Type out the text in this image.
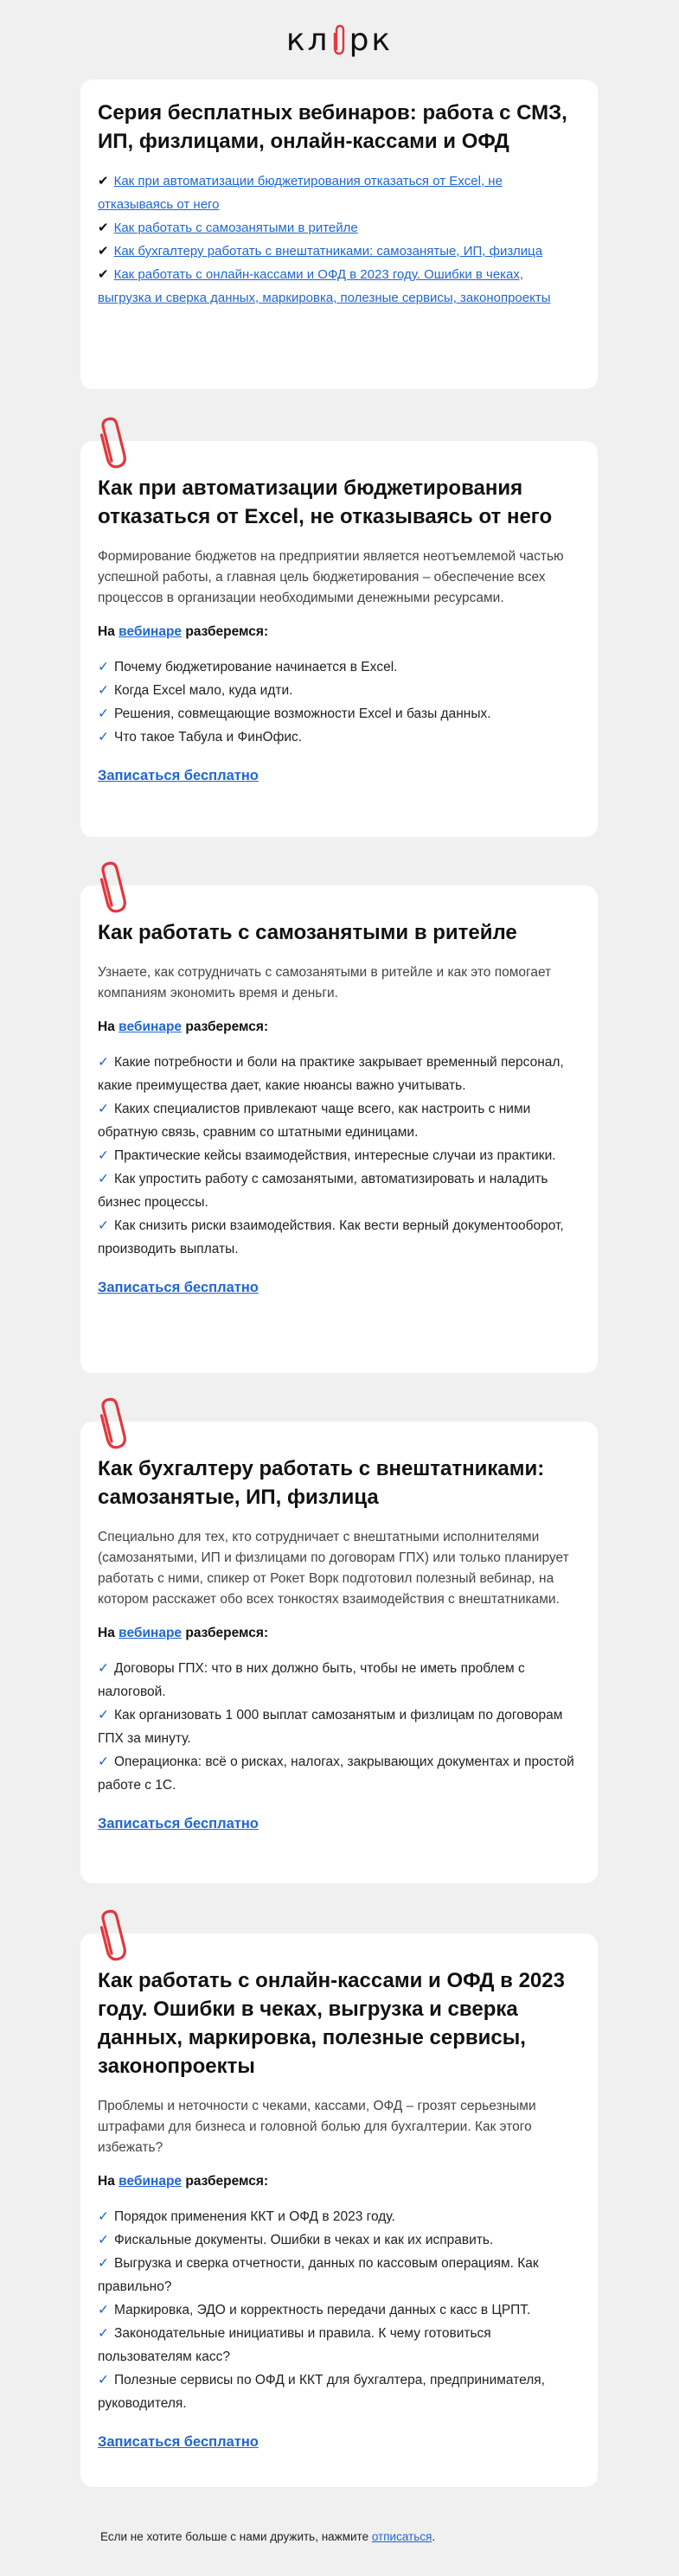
кл рк
Серия бесплатных вебинаров: работа с СМЗ, ИП, физлицами, онлайн-кассами и ОФД
✔ Как при автоматизации бюджетирования отказаться от Excel, не отказываясь от него
✔ Как работать с самозанятыми в ритейле
✔ Как бухгалтеру работать с внештатниками: самозанятые, ИП, физлица
✔ Как работать с онлайн-кассами и ОФД в 2023 году. Ошибки в чеках, выгрузка и сверка данных, маркировка, полезные сервисы, законопроекты
Как при автоматизации бюджетирования отказаться от Excel, не отказываясь от него
Формирование бюджетов на предприятии является неотъемлемой частью успешной работы, а главная цель бюджетирования – обеспечение всех процессов в организации необходимыми денежными ресурсами.
На вебинаре разберемся:
✓ Почему бюджетирование начинается в Excel.
✓ Когда Excel мало, куда идти.
✓ Решения, совмещающие возможности Excel и базы данных.
✓ Что такое Табула и ФинОфис.
Записаться бесплатно
Как работать с самозанятыми в ритейле
Узнаете, как сотрудничать с самозанятыми в ритейле и как это помогает компаниям экономить время и деньги.
На вебинаре разберемся:
✓ Какие потребности и боли на практике закрывает временный персонал, какие преимущества дает, какие нюансы важно учитывать.
✓ Каких специалистов привлекают чаще всего, как настроить с ними обратную связь, сравним со штатными единицами.
✓ Практические кейсы взаимодействия, интересные случаи из практики.
✓ Как упростить работу с самозанятыми, автоматизировать и наладить бизнес процессы.
✓ Как снизить риски взаимодействия. Как вести верный документооборот, производить выплаты.
Записаться бесплатно
Как бухгалтеру работать с внештатниками: самозанятые, ИП, физлица
Специально для тех, кто сотрудничает с внештатными исполнителями (самозанятыми, ИП и физлицами по договорам ГПХ) или только планирует работать с ними, спикер от Рокет Ворк подготовил полезный вебинар, на котором расскажет обо всех тонкостях взаимодействия с внештатниками.
На вебинаре разберемся:
✓ Договоры ГПХ: что в них должно быть, чтобы не иметь проблем с налоговой.
✓ Как организовать 1 000 выплат самозанятым и физлицам по договорам ГПХ за минуту.
✓ Операционка: всё о рисках, налогах, закрывающих документах и простой работе с 1С.
Записаться бесплатно
Как работать с онлайн-кассами и ОФД в 2023 году. Ошибки в чеках, выгрузка и сверка данных, маркировка, полезные сервисы, законопроекты
Проблемы и неточности с чеками, кассами, ОФД – грозят серьезными штрафами для бизнеса и головной болью для бухгалтерии. Как этого избежать?
На вебинаре разберемся:
✓ Порядок применения ККТ и ОФД в 2023 году.
✓ Фискальные документы. Ошибки в чеках и как их исправить.
✓ Выгрузка и сверка отчетности, данных по кассовым операциям. Как правильно?
✓ Маркировка, ЭДО и корректность передачи данных с касс в ЦРПТ.
✓ Законодательные инициативы и правила. К чему готовиться пользователям касс?
✓ Полезные сервисы по ОФД и ККТ для бухгалтера, предпринимателя, руководителя.
Записаться бесплатно
Если не хотите больше с нами дружить, нажмите отписаться.
